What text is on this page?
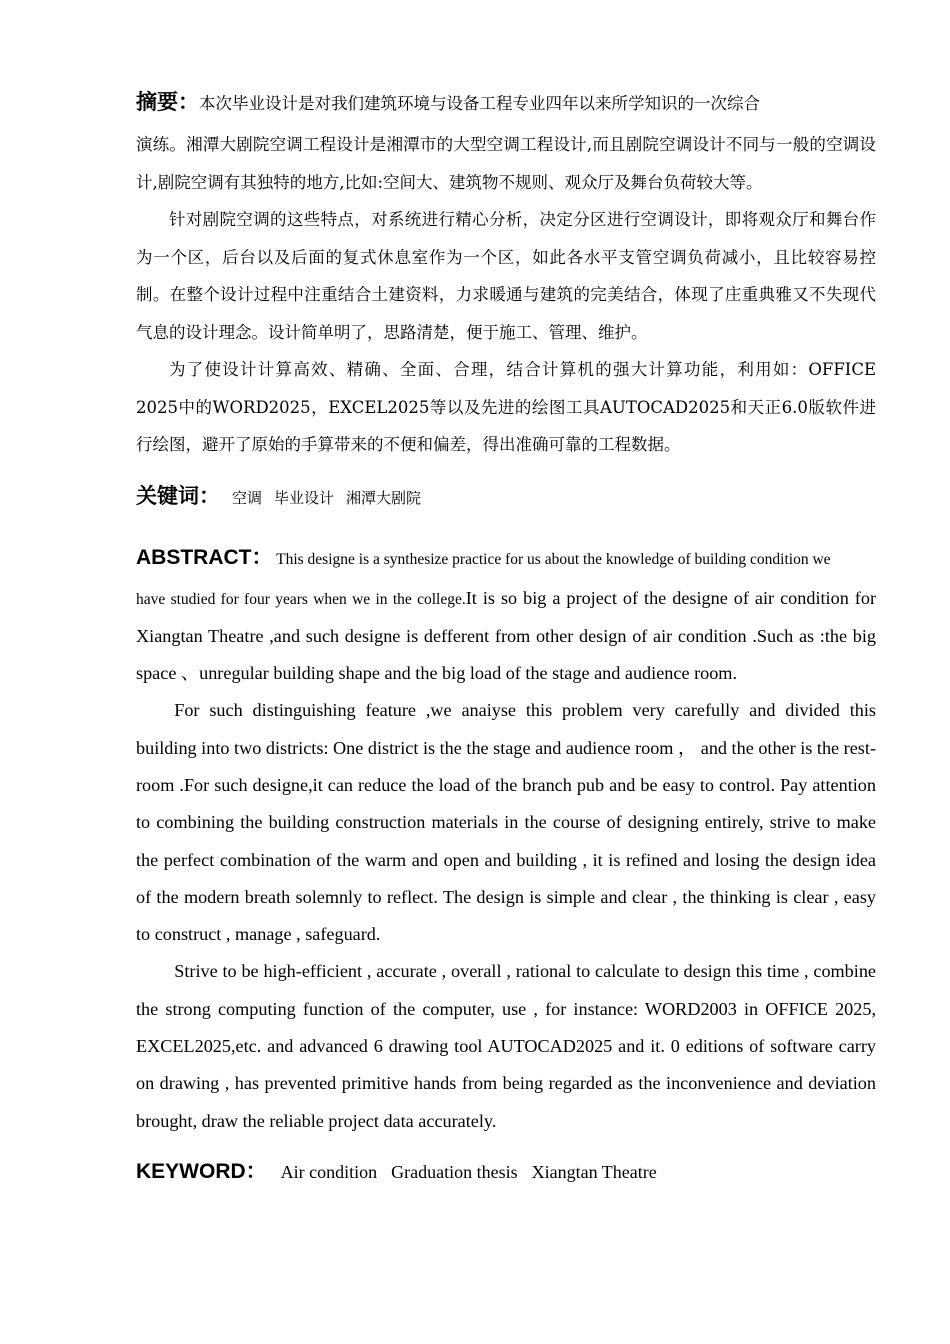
摘要：本次毕业设计是对我们建筑环境与设备工程专业四年以来所学知识的一次综合

演练。湘潭大剧院空调工程设计是湘潭市的大型空调工程设计,而且剧院空调设计不同与一般的空调设计,剧院空调有其独特的地方,比如:空间大、建筑物不规则、观众厅及舞台负荷较大等。

针对剧院空调的这些特点，对系统进行精心分析，决定分区进行空调设计，即将观众厅和舞台作为一个区，后台以及后面的复式休息室作为一个区，如此各水平支管空调负荷减小，且比较容易控制。在整个设计过程中注重结合土建资料，力求暖通与建筑的完美结合，体现了庄重典雅又不失现代气息的设计理念。设计简单明了，思路清楚，便于施工、管理、维护。

为了使设计计算高效、精确、全面、合理，结合计算机的强大计算功能，利用如：OFFICE 2025中的WORD2025，EXCEL2025等以及先进的绘图工具AUTOCAD2025和天正6.0版软件进行绘图，避开了原始的手算带来的不便和偏差，得出准确可靠的工程数据。

关键词： 空调 毕业设计 湘潭大剧院

ABSTRACT： This designe is a synthesize practice for us about the knowledge of building condition we

have studied for four years when we in the college.It is so big a project of the designe of air condition for Xiangtan Theatre ,and such designe is defferent from other design of air condition .Such as :the big space 、unregular building shape and the big load of the stage and audience room.

For such distinguishing feature ,we anaiyse this problem very carefully and divided this building into two districts: One district is the the stage and audience room ， and the other is the rest-room .For such designe,it can reduce the load of the branch pub and be easy to control. Pay attention to combining the building construction materials in the course of designing entirely, strive to make the perfect combination of the warm and open and building , it is refined and losing the design idea of the modern breath solemnly to reflect. The design is simple and clear , the thinking is clear , easy to construct , manage , safeguard.

Strive to be high-efficient , accurate , overall , rational to calculate to design this time , combine the strong computing function of the computer, use , for instance: WORD2003 in OFFICE 2025, EXCEL2025,etc. and advanced 6 drawing tool AUTOCAD2025 and it. 0 editions of software carry on drawing , has prevented primitive hands from being regarded as the inconvenience and deviation brought, draw the reliable project data accurately.

KEYWORD： Air condition Graduation thesis Xiangtan Theatre
